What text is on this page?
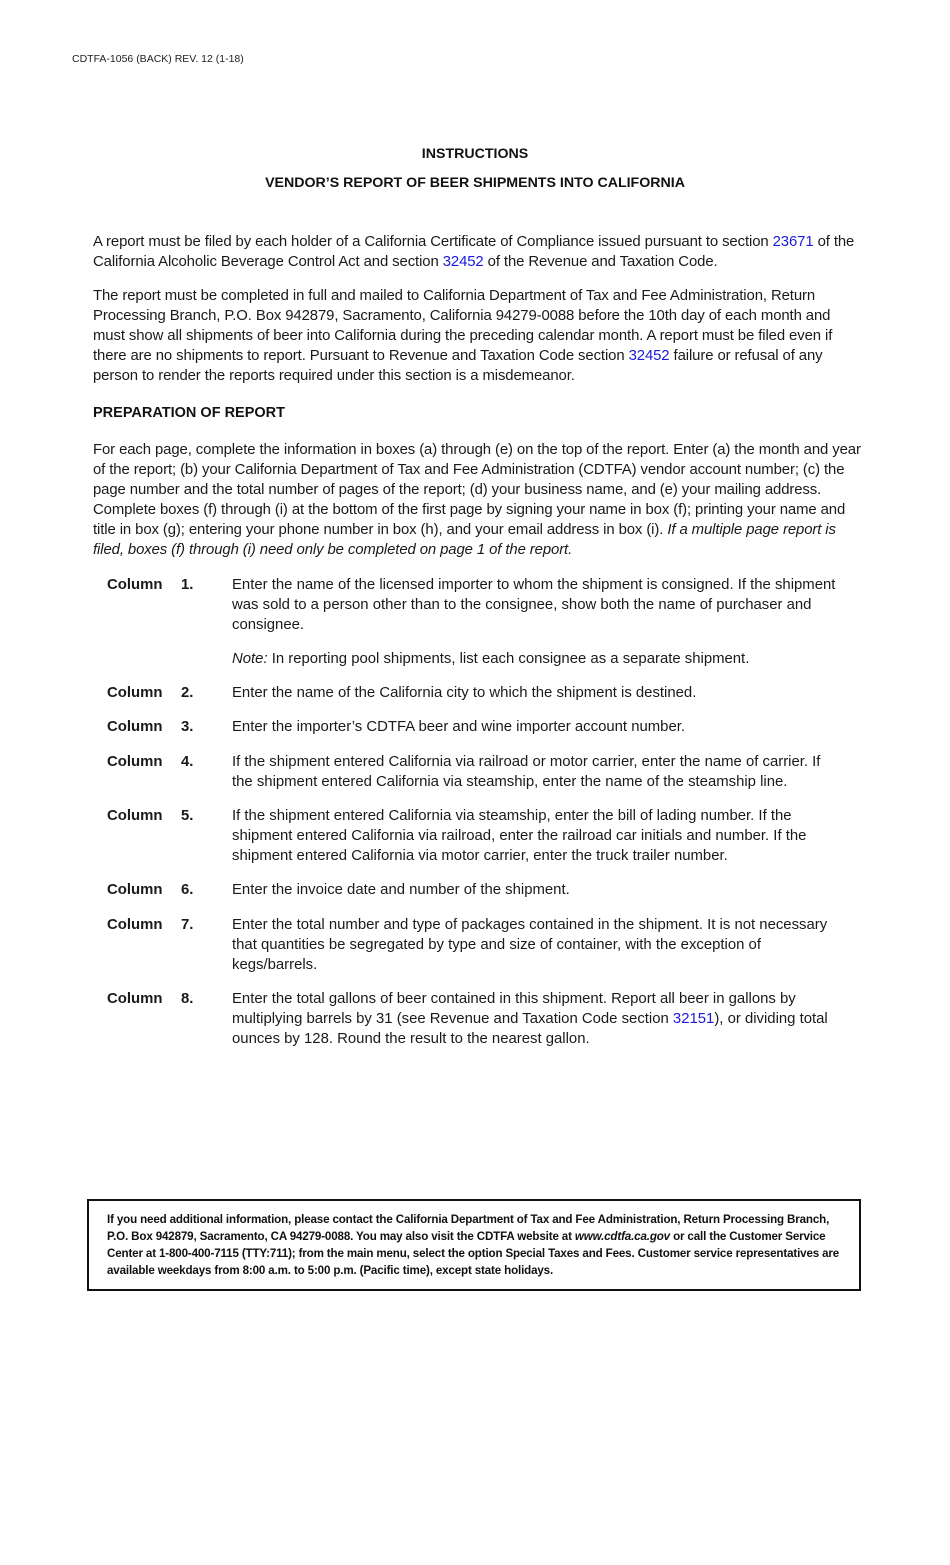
CDTFA-1056 (BACK) REV. 12 (1-18)
INSTRUCTIONS
VENDOR’S REPORT OF BEER SHIPMENTS INTO CALIFORNIA
A report must be filed by each holder of a California Certificate of Compliance issued pursuant to section 23671 of the California Alcoholic Beverage Control Act and section 32452 of the Revenue and Taxation Code.
The report must be completed in full and mailed to California Department of Tax and Fee Administration, Return Processing Branch, P.O. Box 942879, Sacramento, California 94279-0088 before the 10th day of each month and must show all shipments of beer into California during the preceding calendar month. A report must be filed even if there are no shipments to report. Pursuant to Revenue and Taxation Code section 32452 failure or refusal of any person to render the reports required under this section is a misdemeanor.
PREPARATION OF REPORT
For each page, complete the information in boxes (a) through (e) on the top of the report. Enter (a) the month and year of the report; (b) your California Department of Tax and Fee Administration (CDTFA) vendor account number; (c) the page number and the total number of pages of the report; (d) your business name, and (e) your mailing address. Complete boxes (f) through (i) at the bottom of the first page by signing your name in box (f); printing your name and title in box (g); entering your phone number in box (h), and your email address in box (i). If a multiple page report is filed, boxes (f) through (i) need only be completed on page 1 of the report.
Column 1.	Enter the name of the licensed importer to whom the shipment is consigned. If the shipment was sold to a person other than to the consignee, show both the name of purchaser and consignee.
Note: In reporting pool shipments, list each consignee as a separate shipment.
Column 2.	Enter the name of the California city to which the shipment is destined.
Column 3.	Enter the importer’s CDTFA beer and wine importer account number.
Column 4.	If the shipment entered California via railroad or motor carrier, enter the name of carrier. If the shipment entered California via steamship, enter the name of the steamship line.
Column 5.	If the shipment entered California via steamship, enter the bill of lading number. If the shipment entered California via railroad, enter the railroad car initials and number. If the shipment entered California via motor carrier, enter the truck trailer number.
Column 6.	Enter the invoice date and number of the shipment.
Column 7.	Enter the total number and type of packages contained in the shipment. It is not necessary that quantities be segregated by type and size of container, with the exception of kegs/barrels.
Column 8.	Enter the total gallons of beer contained in this shipment. Report all beer in gallons by multiplying barrels by 31 (see Revenue and Taxation Code section 32151), or dividing total ounces by 128. Round the result to the nearest gallon.
If you need additional information, please contact the California Department of Tax and Fee Administration, Return Processing Branch, P.O. Box 942879, Sacramento, CA 94279-0088. You may also visit the CDTFA website at www.cdtfa.ca.gov or call the Customer Service Center at 1-800-400-7115 (TTY:711); from the main menu, select the option Special Taxes and Fees. Customer service representatives are available weekdays from 8:00 a.m. to 5:00 p.m. (Pacific time), except state holidays.
